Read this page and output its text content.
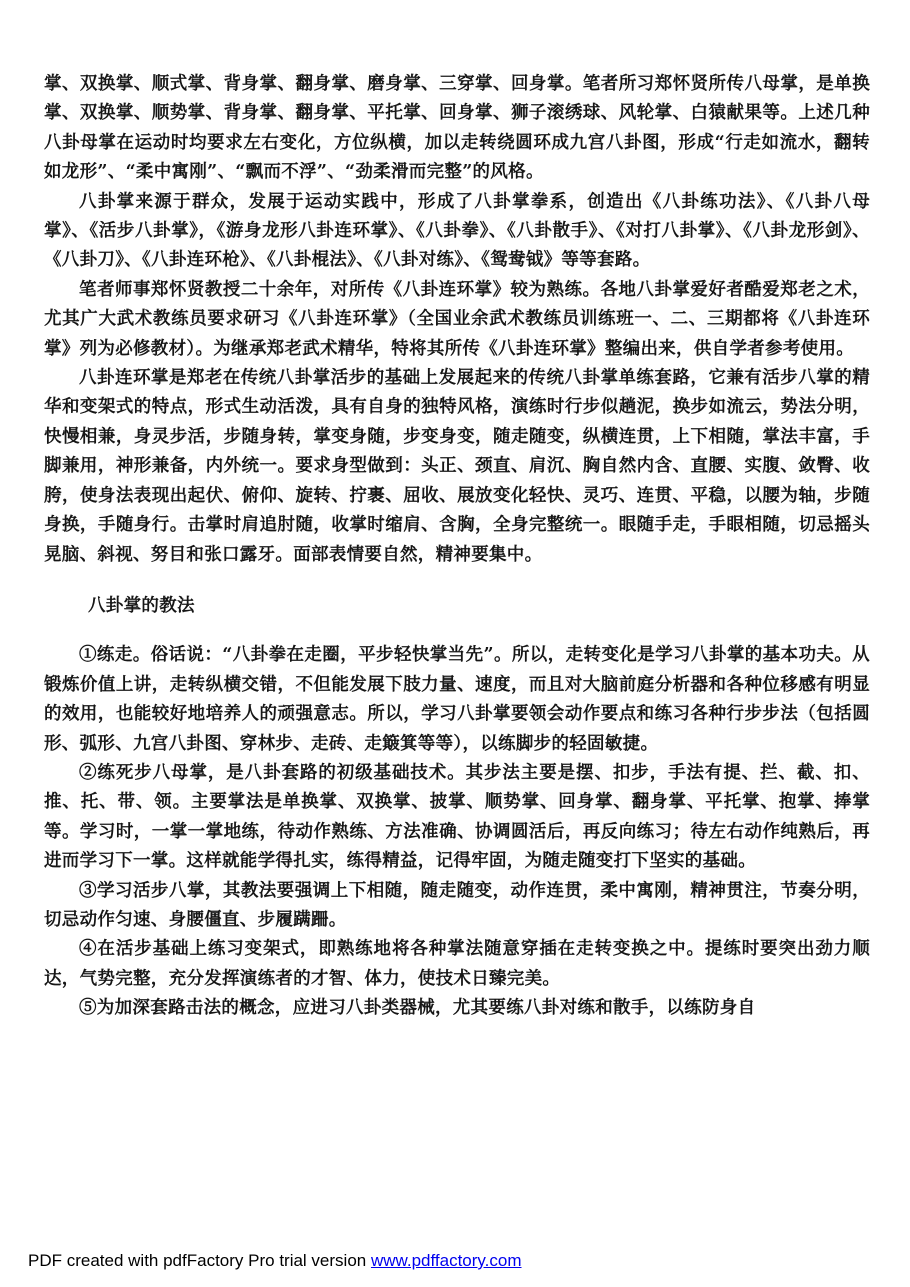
掌、双换掌、顺式掌、背身掌、翻身掌、磨身掌、三穿掌、回身掌。笔者所习郑怀贤所传八母掌，是单换掌、双换掌、顺势掌、背身掌、翻身掌、平托掌、回身掌、狮子滚绣球、风轮掌、白猿献果等。上述几种八卦母掌在运动时均要求左右变化，方位纵横，加以走转绕圆环成九宫八卦图，形成“行走如流水，翻转如龙形”、“柔中寓刚”、“飘而不浮”、“劲柔滑而完整”的风格。

八卦掌来源于群众，发展于运动实践中，形成了八卦掌拳系，创造出《八卦练功法》、《八卦八母掌》、《活步八卦掌》，《游身龙形八卦连环掌》、《八卦拳》、《八卦散手》、《对打八卦掌》、《八卦龙形剑》、《八卦刀》、《八卦连环枪》、《八卦棍法》、《八卦对练》、《鸳鸯钺》等等套路。

笔者师事郑怀贤教授二十余年，对所传《八卦连环掌》较为熟练。各地八卦掌爱好者酷爱郑老之术，尤其广大武术教练员要求研习《八卦连环掌》（全国业余武术教练员训练班一、二、三期都将《八卦连环掌》列为必修教材）。为继承郑老武术精华，特将其所传《八卦连环掌》整编出来，供自学者参考使用。

八卦连环掌是郑老在传统八卦掌活步的基础上发展起来的传统八卦掌单练套路，它兼有活步八掌的精华和变架式的特点，形式生动活泼，具有自身的独特风格，演练时行步似趟泥，换步如流云，势法分明，快慢相兼，身灵步活，步随身转，掌变身随，步变身变，随走随变，纵横连贯，上下相随，掌法丰富，手脚兼用，神形兼备，内外统一。要求身型做到：头正、颈直、肩沉、胸自然内含、直腰、实腹、敛臀、收胯，使身法表现出起伏、俯仰、旋转、拧裹、屈收、展放变化轻快、灵巧、连贯、平稳，以腰为轴，步随身换，手随身行。击掌时肩追肘随，收掌时缩肩、含胸，全身完整统一。眼随手走，手眼相随，切忌摇头晃脑、斜视、努目和张口露牙。面部表情要自然，精神要集中。

八卦掌的教法

①练走。俗话说：“八卦拳在走圈，平步轻快掌当先”。所以，走转变化是学习八卦掌的基本功夫。从锻炼价值上讲，走转纵横交错，不但能发展下肢力量、速度，而且对大脑前庭分析器和各种位移感有明显的效用，也能较好地培养人的顽强意志。所以，学习八卦掌要领会动作要点和练习各种行步步法（包括圆形、弧形、九宫八卦图、穿林步、走砖、走簸箕等等），以练脚步的轻固敏捷。

②练死步八母掌，是八卦套路的初级基础技术。其步法主要是摆、扣步，手法有提、拦、截、扣、推、托、带、领。主要掌法是单换掌、双换掌、披掌、顺势掌、回身掌、翻身掌、平托掌、抱掌、捧掌等。学习时，一掌一掌地练，待动作熟练、方法准确、协调圆活后，再反向练习；待左右动作纯熟后，再进而学习下一掌。这样就能学得扎实，练得精益，记得牢固，为随走随变打下坚实的基础。

③学习活步八掌，其教法要强调上下相随，随走随变，动作连贯，柔中寓刚，精神贯注，节奏分明，切忌动作匀速、身腰僵直、步履蹒跚。

④在活步基础上练习变架式，即熟练地将各种掌法随意穿插在走转变换之中。提练时要突出劲力顺达，气势完整，充分发挥演练者的才智、体力，使技术日臻完美。

⑤为加深套路击法的概念，应进习八卦类器械，尤其要练八卦对练和散手，以练防身自

PDF created with pdfFactory Pro trial version www.pdffactory.com
